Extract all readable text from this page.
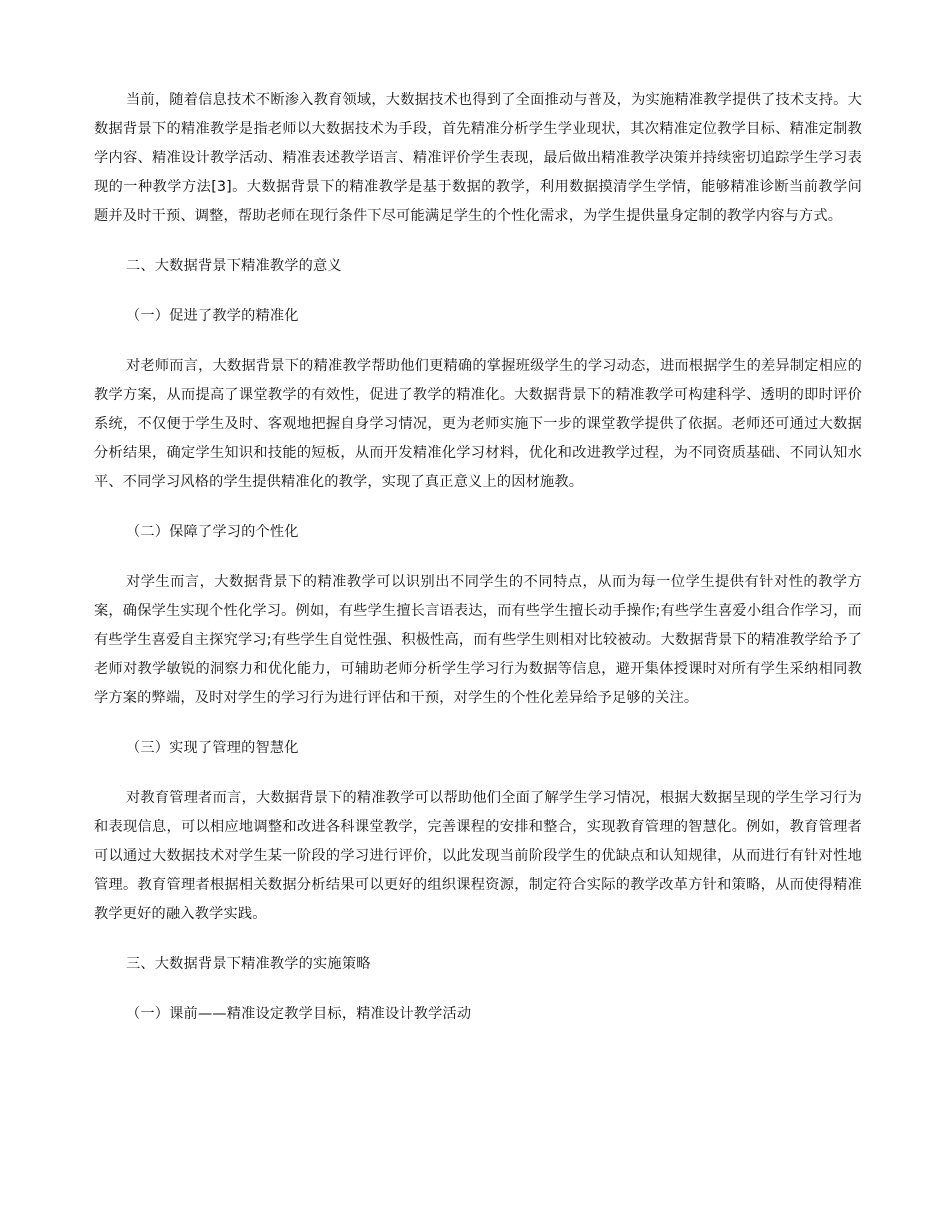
当前，随着信息技术不断渗入教育领域，大数据技术也得到了全面推动与普及，为实施精准教学提供了技术支持。大数据背景下的精准教学是指老师以大数据技术为手段，首先精准分析学生学业现状，其次精准定位教学目标、精准定制教学内容、精准设计教学活动、精准表述教学语言、精准评价学生表现，最后做出精准教学决策并持续密切追踪学生学习表现的一种教学方法[3]。大数据背景下的精准教学是基于数据的教学，利用数据摸清学生学情，能够精准诊断当前教学问题并及时干预、调整，帮助老师在现行条件下尽可能满足学生的个性化需求，为学生提供量身定制的教学内容与方式。

二、大数据背景下精准教学的意义

（一）促进了教学的精准化

对老师而言，大数据背景下的精准教学帮助他们更精确的掌握班级学生的学习动态，进而根据学生的差异制定相应的教学方案，从而提高了课堂教学的有效性，促进了教学的精准化。大数据背景下的精准教学可构建科学、透明的即时评价系统，不仅便于学生及时、客观地把握自身学习情况，更为老师实施下一步的课堂教学提供了依据。老师还可通过大数据分析结果，确定学生知识和技能的短板，从而开发精准化学习材料，优化和改进教学过程，为不同资质基础、不同认知水平、不同学习风格的学生提供精准化的教学，实现了真正意义上的因材施教。

（二）保障了学习的个性化

对学生而言，大数据背景下的精准教学可以识别出不同学生的不同特点，从而为每一位学生提供有针对性的教学方案，确保学生实现个性化学习。例如，有些学生擅长言语表达，而有些学生擅长动手操作;有些学生喜爱小组合作学习，而有些学生喜爱自主探究学习;有些学生自觉性强、积极性高，而有些学生则相对比较被动。大数据背景下的精准教学给予了老师对教学敏锐的洞察力和优化能力，可辅助老师分析学生学习行为数据等信息，避开集体授课时对所有学生采纳相同教学方案的弊端，及时对学生的学习行为进行评估和干预，对学生的个性化差异给予足够的关注。

（三）实现了管理的智慧化

对教育管理者而言，大数据背景下的精准教学可以帮助他们全面了解学生学习情况，根据大数据呈现的学生学习行为和表现信息，可以相应地调整和改进各科课堂教学，完善课程的安排和整合，实现教育管理的智慧化。例如，教育管理者可以通过大数据技术对学生某一阶段的学习进行评价，以此发现当前阶段学生的优缺点和认知规律，从而进行有针对性地管理。教育管理者根据相关数据分析结果可以更好的组织课程资源，制定符合实际的教学改革方针和策略，从而使得精准教学更好的融入教学实践。

三、大数据背景下精准教学的实施策略

（一）课前——精准设定教学目标，精准设计教学活动
